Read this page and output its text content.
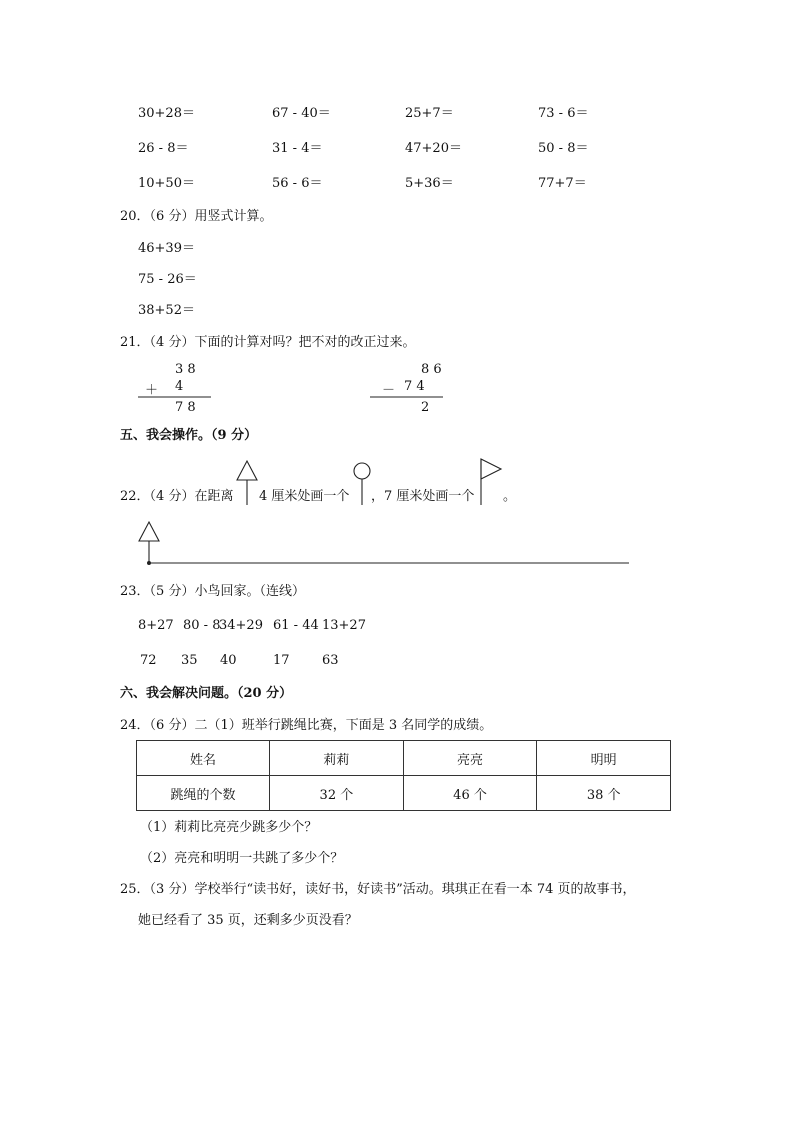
30+28＝	67 - 40＝	25+7＝	73 - 6＝
26 - 8＝	31 - 4＝	47+20＝	50 - 8＝
10+50＝	56 - 6＝	5+36＝	77+7＝
20．（6 分）用竖式计算。
46+39＝
75 - 26＝
38+52＝
21．（4 分）下面的计算对吗？把不对的改正过来。
3 8
＋ 4
7 8
8 6
－ 7 4
2
五、我会操作。（9 分）
22．（4 分）在距离 4 厘米处画一个 ，7 厘米处画一个 。
23．（5 分）小鸟回家。（连线）
8+27 80 - 8
34+29 61 - 44 13+27
72 35 40	17 63
六、我会解决问题。（20 分）
24．（6 分）二（1）班举行跳绳比赛，下面是 3 名同学的成绩。
姓名	莉莉	亮亮	明明
跳绳的个数	32 个	46 个	38 个
（1）莉莉比亮亮少跳多少个？
（2）亮亮和明明一共跳了多少个？
25．（3 分）学校举行“读书好，读好书，好读书”活动。琪琪正在看一本 74 页的故事书，
她已经看了 35 页，还剩多少页没看？
